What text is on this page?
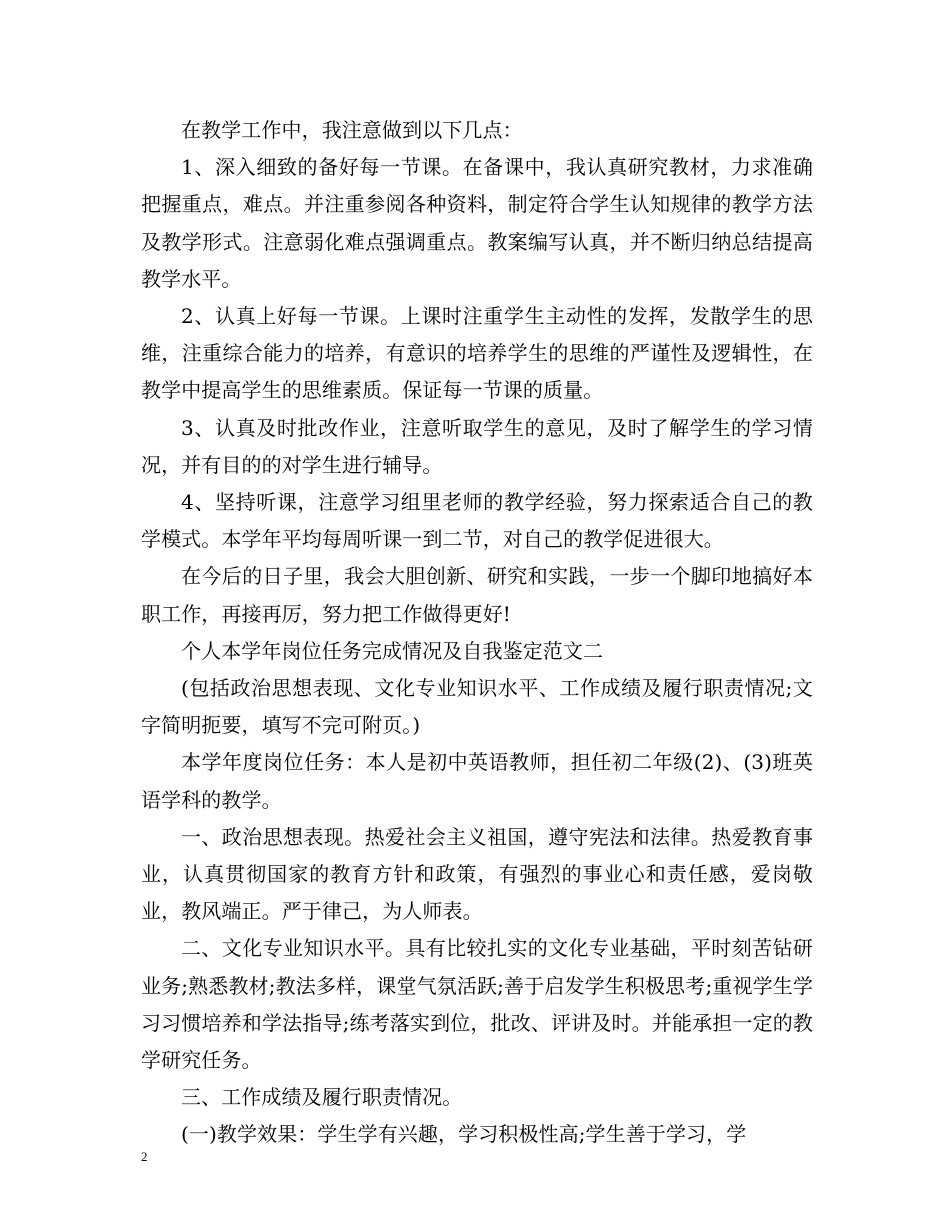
在教学工作中，我注意做到以下几点：

1、深入细致的备好每一节课。在备课中，我认真研究教材，力求准确把握重点，难点。并注重参阅各种资料，制定符合学生认知规律的教学方法及教学形式。注意弱化难点强调重点。教案编写认真，并不断归纳总结提高教学水平。

2、认真上好每一节课。上课时注重学生主动性的发挥，发散学生的思维，注重综合能力的培养，有意识的培养学生的思维的严谨性及逻辑性，在教学中提高学生的思维素质。保证每一节课的质量。

3、认真及时批改作业，注意听取学生的意见，及时了解学生的学习情况，并有目的的对学生进行辅导。

4、坚持听课，注意学习组里老师的教学经验，努力探索适合自己的教学模式。本学年平均每周听课一到二节，对自己的教学促进很大。

在今后的日子里，我会大胆创新、研究和实践，一步一个脚印地搞好本职工作，再接再厉，努力把工作做得更好!

个人本学年岗位任务完成情况及自我鉴定范文二

(包括政治思想表现、文化专业知识水平、工作成绩及履行职责情况;文字简明扼要，填写不完可附页。)

本学年度岗位任务：本人是初中英语教师，担任初二年级(2)、(3)班英语学科的教学。

一、政治思想表现。热爱社会主义祖国，遵守宪法和法律。热爱教育事业，认真贯彻国家的教育方针和政策，有强烈的事业心和责任感，爱岗敬业，教风端正。严于律己，为人师表。

二、文化专业知识水平。具有比较扎实的文化专业基础，平时刻苦钻研业务;熟悉教材;教法多样，课堂气氛活跃;善于启发学生积极思考;重视学生学习习惯培养和学法指导;练考落实到位，批改、评讲及时。并能承担一定的教学研究任务。

三、工作成绩及履行职责情况。

(一)教学效果：学生学有兴趣，学习积极性高;学生善于学习，学

2
